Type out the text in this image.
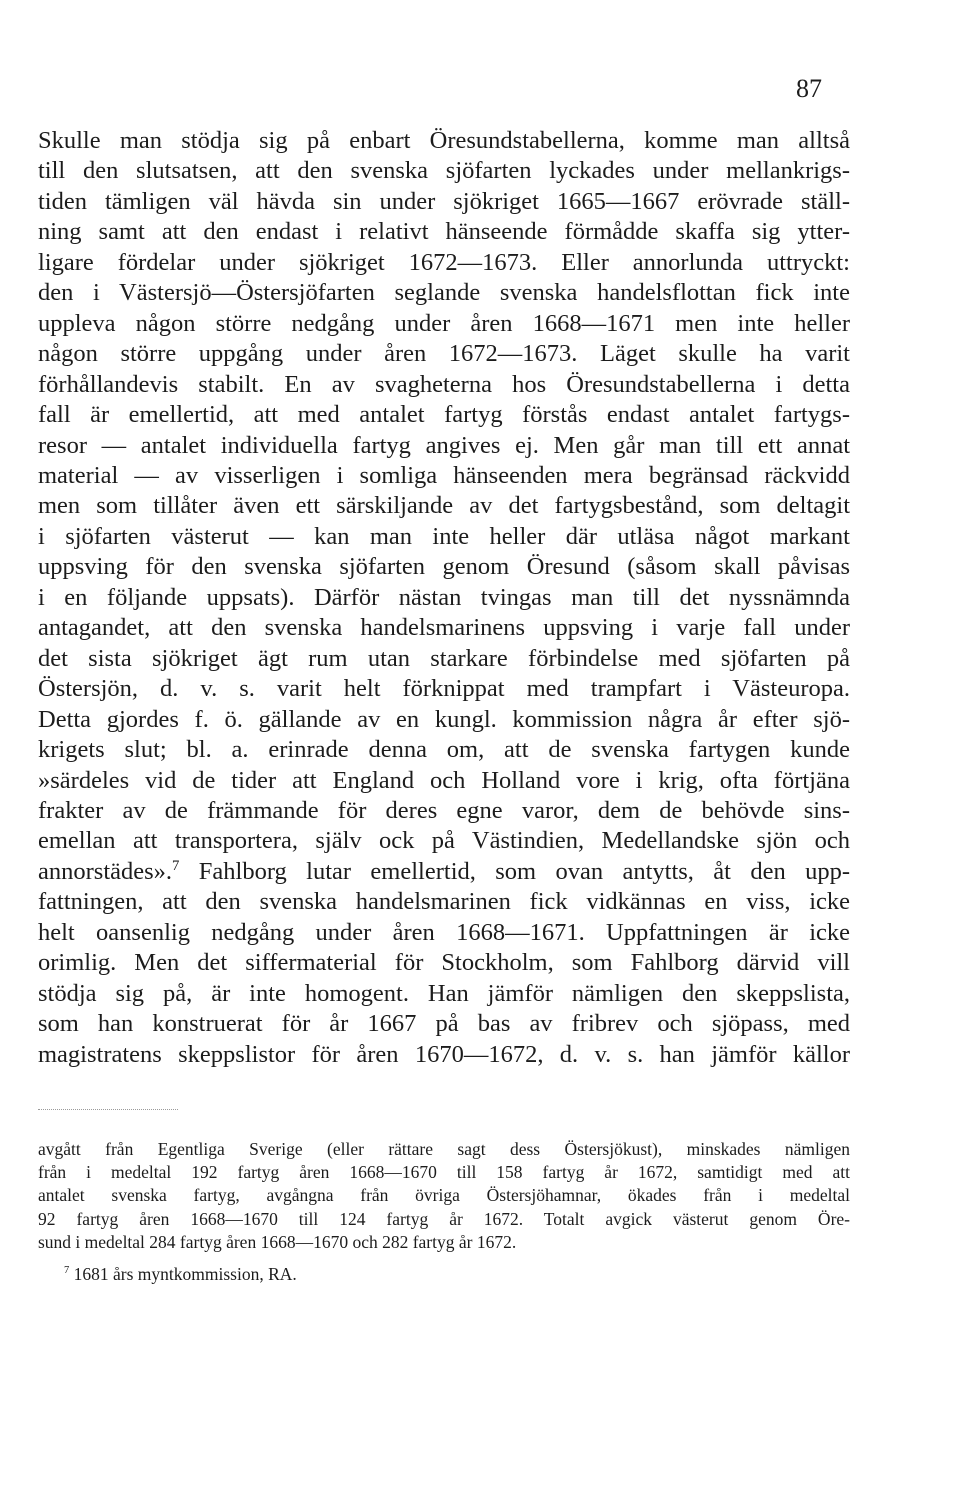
87
Skulle man stödja sig på enbart Öresundstabellerna, komme man alltså
till den slutsatsen, att den svenska sjöfarten lyckades under mellankrigs-
tiden tämligen väl hävda sin under sjökriget 1665—1667 erövrade ställ-
ning samt att den endast i relativt hänseende förmådde skaffa sig ytter-
ligare fördelar under sjökriget 1672—1673. Eller annorlunda uttryckt:
den i Västersjö—Östersjöfarten seglande svenska handelsflottan fick inte
uppleva någon större nedgång under åren 1668—1671 men inte heller
någon större uppgång under åren 1672—1673. Läget skulle ha varit
förhållandevis stabilt. En av svagheterna hos Öresundstabellerna i detta
fall är emellertid, att med antalet fartyg förstås endast antalet fartygs-
resor — antalet individuella fartyg angives ej. Men går man till ett annat
material — av visserligen i somliga hänseenden mera begränsad räckvidd
men som tillåter även ett särskiljande av det fartygsbestånd, som deltagit
i sjöfarten västerut — kan man inte heller där utläsa något markant
uppsving för den svenska sjöfarten genom Öresund (såsom skall påvisas
i en följande uppsats). Därför nästan tvingas man till det nyssnämnda
antagandet, att den svenska handelsmarinens uppsving i varje fall under
det sista sjökriget ägt rum utan starkare förbindelse med sjöfarten på
Östersjön, d. v. s. varit helt förknippat med trampfart i Västeuropa.
Detta gjordes f. ö. gällande av en kungl. kommission några år efter sjö-
krigets slut; bl. a. erinrade denna om, att de svenska fartygen kunde
»särdeles vid de tider att England och Holland vore i krig, ofta förtjäna
frakter av de främmande för deres egne varor, dem de behövde sins-
emellan att transportera, själv ock på Västindien, Medellandske sjön och
annorstädes».$^7$ Fahlborg lutar emellertid, som ovan antytts, åt den upp-
fattningen, att den svenska handelsmarinen fick vidkännas en viss, icke
helt oansenlig nedgång under åren 1668—1671. Uppfattningen är icke
orimlig. Men det siffermaterial för Stockholm, som Fahlborg därvid vill
stödja sig på, är inte homogent. Han jämför nämligen den skeppslista,
som han konstruerat för år 1667 på bas av fribrev och sjöpass, med
magistratens skeppslistor för åren 1670—1672, d. v. s. han jämför källor
avgått från Egentliga Sverige (eller rättare sagt dess Östersjökust), minskades nämligen
från i medeltal 192 fartyg åren 1668—1670 till 158 fartyg år 1672, samtidigt med att
antalet svenska fartyg, avgångna från övriga Östersjöhamnar, ökades från i medeltal
92 fartyg åren 1668—1670 till 124 fartyg år 1672. Totalt avgick västerut genom Öre-
sund i medeltal 284 fartyg åren 1668—1670 och 282 fartyg år 1672.
$^7$ 1681 års myntkommission, RA.
